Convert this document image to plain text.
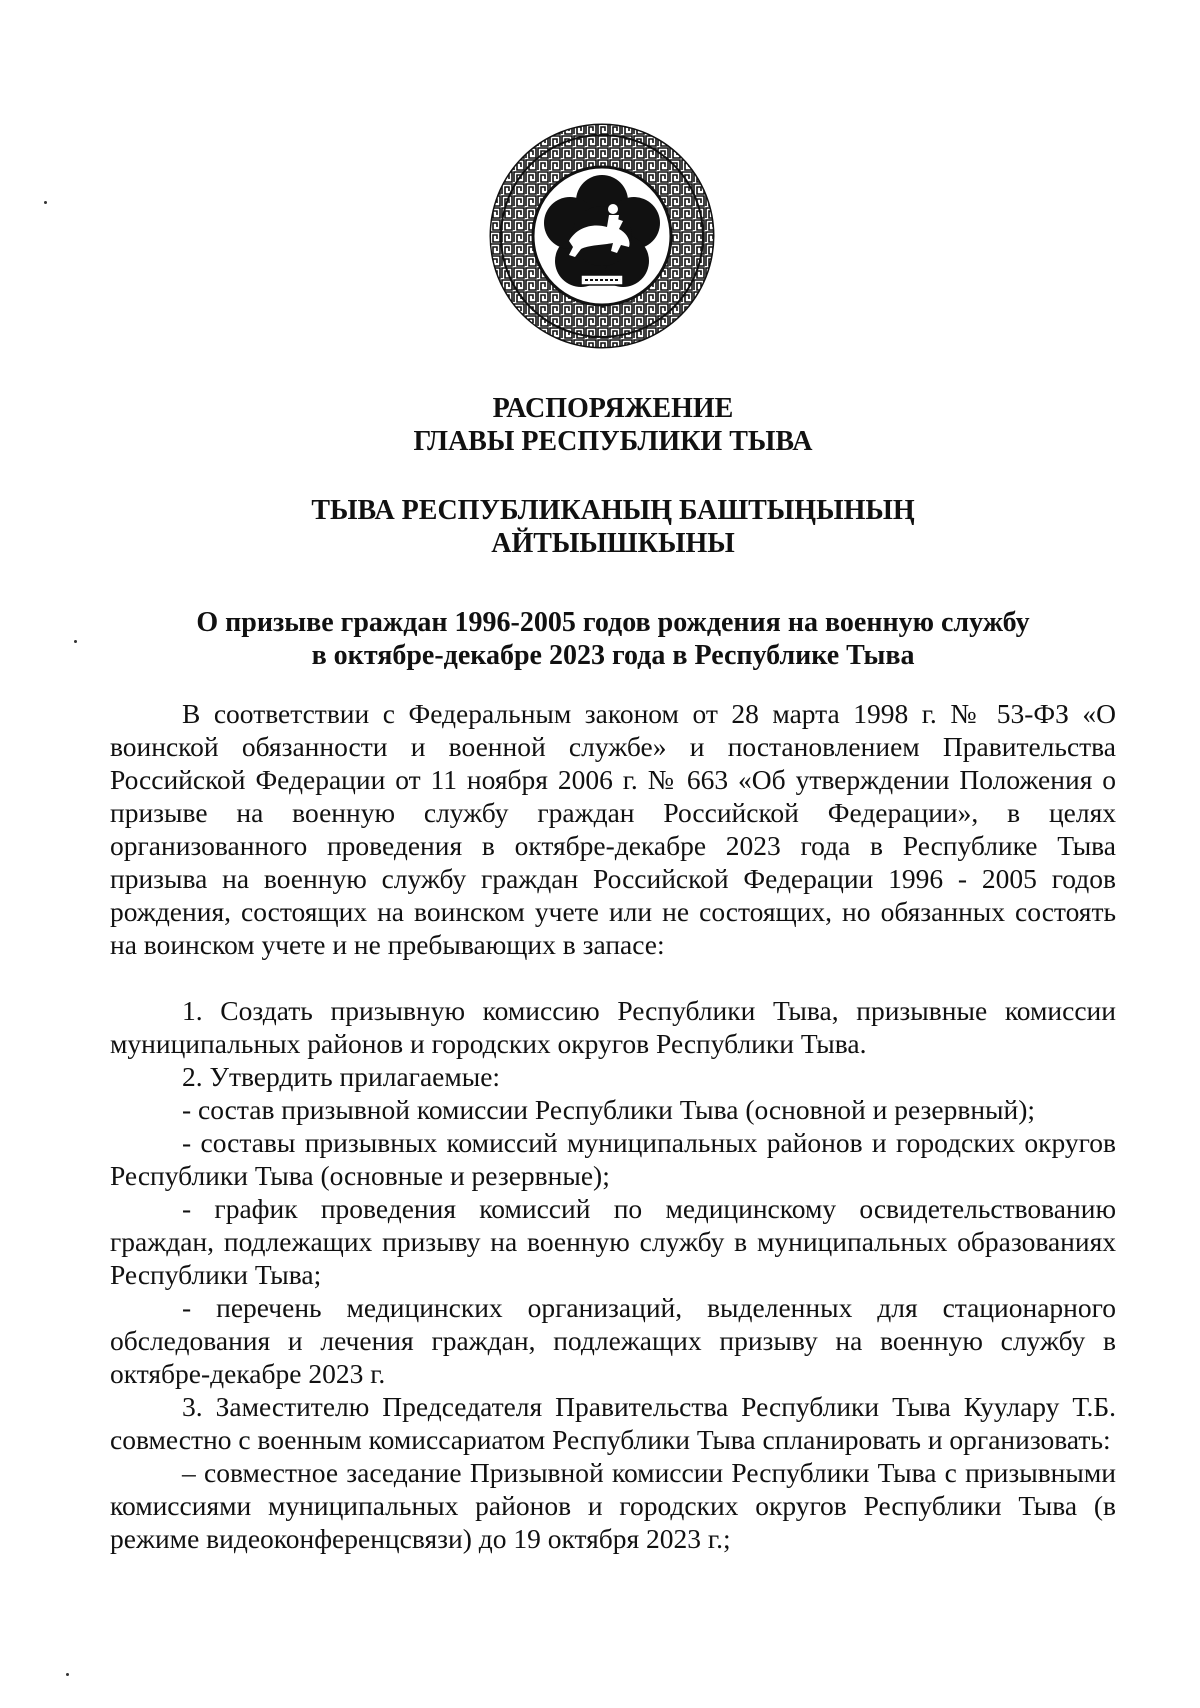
РАСПОРЯЖЕНИЕ
ГЛАВЫ РЕСПУБЛИКИ ТЫВА
ТЫВА РЕСПУБЛИКАНЫҢ БАШТЫҢЫНЫҢ
АЙТЫЫШКЫНЫ
О призыве граждан 1996-2005 годов рождения на военную службу
в октябре-декабре 2023 года в Республике Тыва

В соответствии с Федеральным законом от 28 марта 1998 г. № 53-ФЗ «О воинской обязанности и военной службе» и постановлением Правительства Российской Федерации от 11 ноября 2006 г. № 663 «Об утверждении Положения о призыве на военную службу граждан Российской Федерации», в целях организованного проведения в октябре-декабре 2023 года в Республике Тыва призыва на военную службу граждан Российской Федерации 1996 - 2005 годов рождения, состоящих на воинском учете или не состоящих, но обязанных состоять на воинском учете и не пребывающих в запасе:

1. Создать призывную комиссию Республики Тыва, призывные комиссии муниципальных районов и городских округов Республики Тыва.

2. Утвердить прилагаемые:

- состав призывной комиссии Республики Тыва (основной и резервный);

- составы призывных комиссий муниципальных районов и городских округов Республики Тыва (основные и резервные);

- график проведения комиссий по медицинскому освидетельствованию граждан, подлежащих призыву на военную службу в муниципальных образованиях Республики Тыва;

- перечень медицинских организаций, выделенных для стационарного обследования и лечения граждан, подлежащих призыву на военную службу в октябре-декабре 2023 г.

3. Заместителю Председателя Правительства Республики Тыва Куулару Т.Б. совместно с военным комиссариатом Республики Тыва спланировать и организовать:

– совместное заседание Призывной комиссии Республики Тыва с призывными комиссиями муниципальных районов и городских округов Республики Тыва (в режиме видеоконференцсвязи) до 19 октября 2023 г.;
